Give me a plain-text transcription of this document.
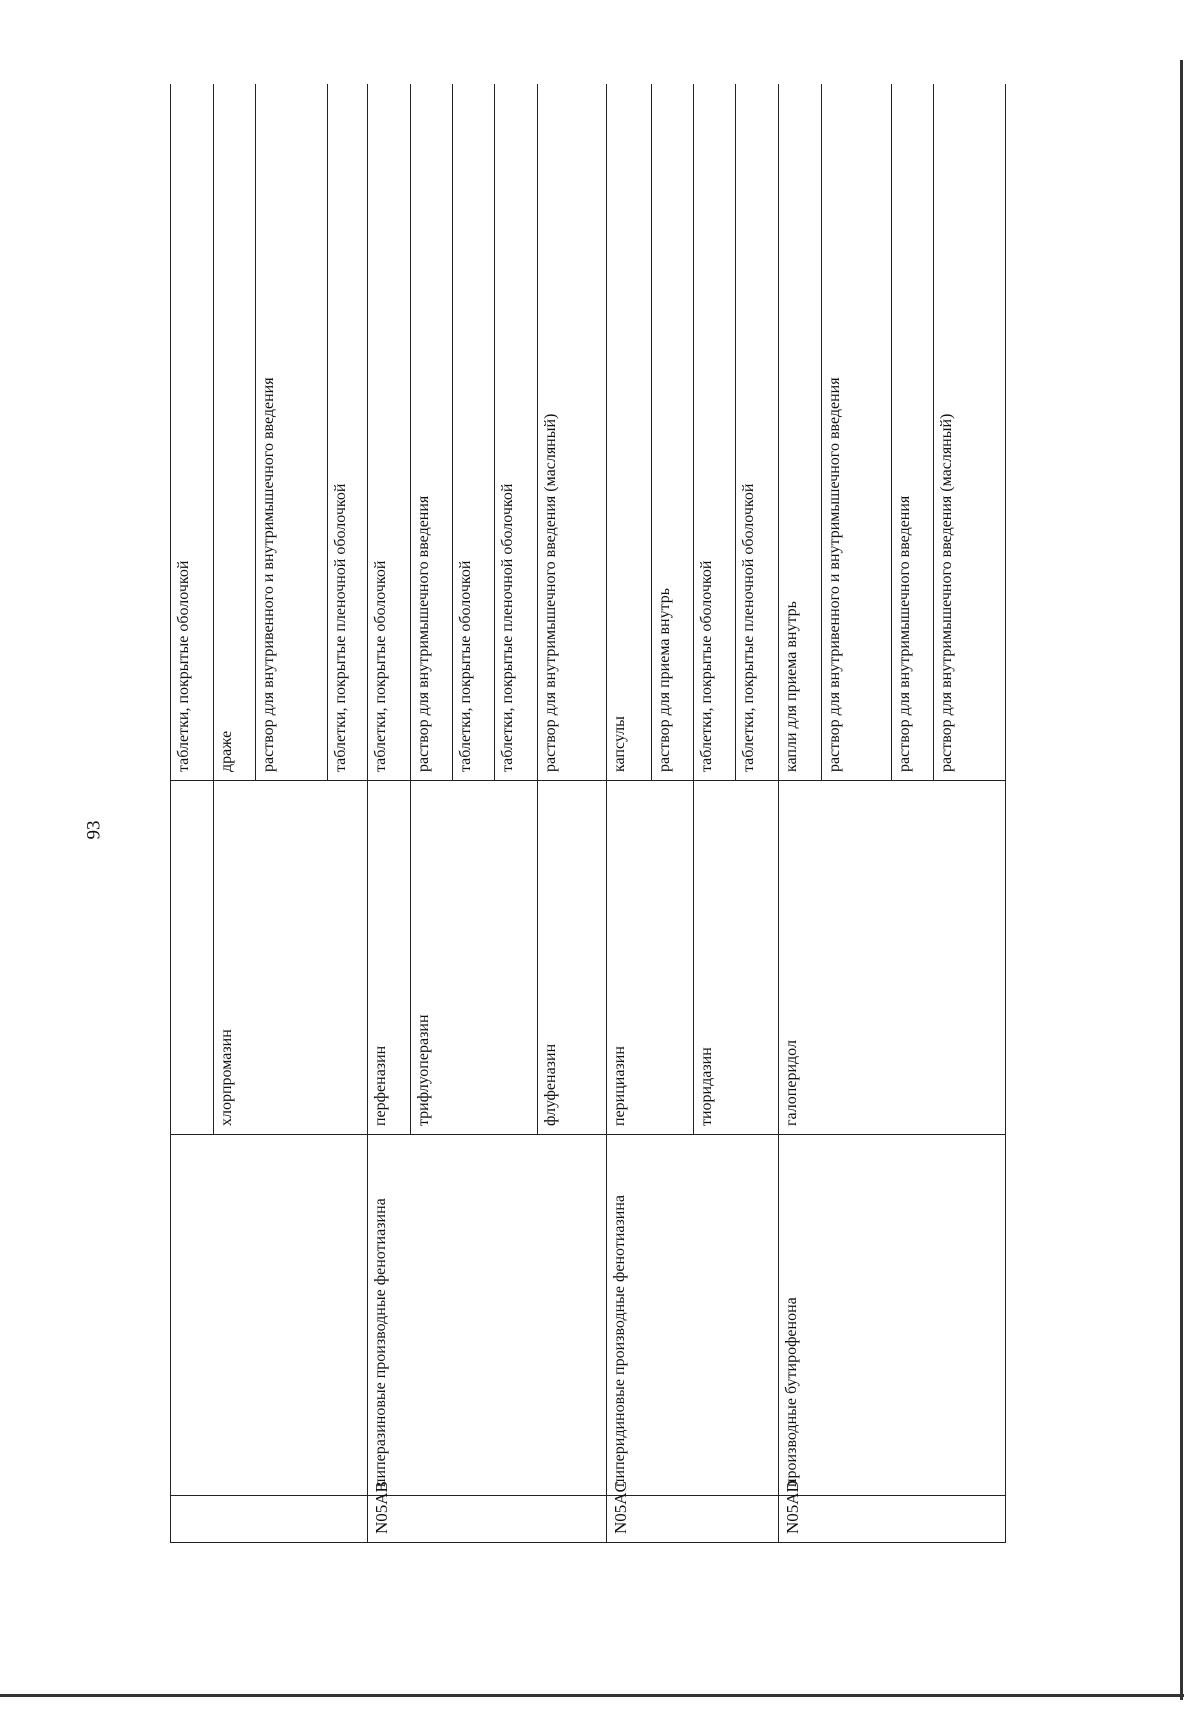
93
			таблетки, покрытые оболочкой
		хлорпромазин	драже
			раствор для внутривенного и внутримышечного введения
			таблетки, покрытые пленочной оболочкой
N05AB	пиперазиновые производные фенотиазина	перфеназин	таблетки, покрытые оболочкой
		трифлуоперазин	раствор для внутримышечного введения
			таблетки, покрытые оболочкой
			таблетки, покрытые пленочной оболочкой
		флуфеназин	раствор для внутримышечного введения (масляный)
N05AC	пиперидиновые производные фенотиазина	перициазин	капсулы
			раствор для приема внутрь
		тиоридазин	таблетки, покрытые оболочкой
			таблетки, покрытые пленочной оболочкой
N05AD	производные бутирофенона	галоперидол	капли для приема внутрь
			раствор для внутривенного и внутримышечного введения
			раствор для внутримышечного введения
			раствор для внутримышечного введения (масляный)
